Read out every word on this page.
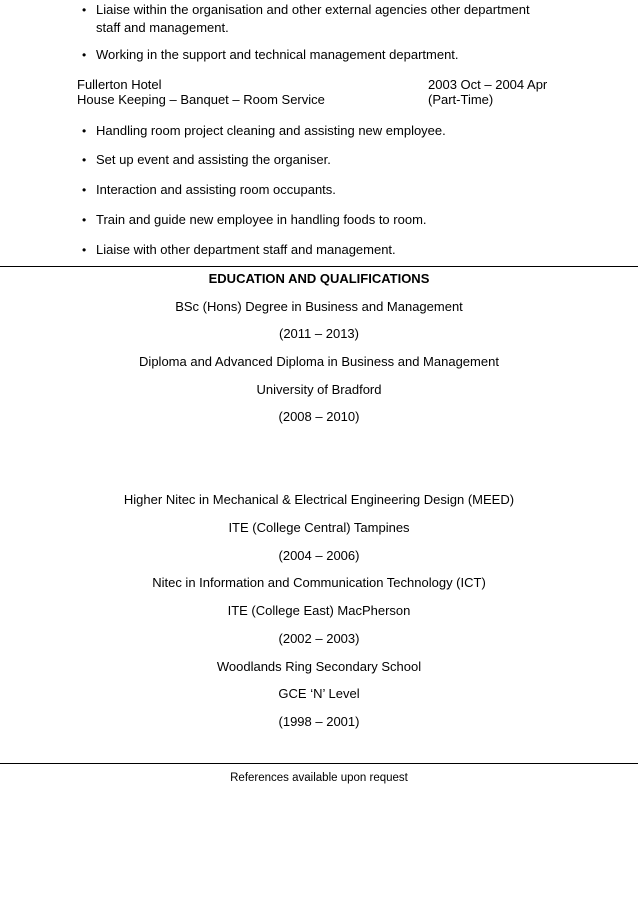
• Liaise within the organisation and other external agencies other department staff and management.
• Working in the support and technical management department.
Fullerton Hotel	2003 Oct – 2004 Apr
House Keeping – Banquet – Room Service	(Part-Time)
• Handling room project cleaning and assisting new employee.
• Set up event and assisting the organiser.
• Interaction and assisting room occupants.
• Train and guide new employee in handling foods to room.
• Liaise with other department staff and management.
EDUCATION AND QUALIFICATIONS
BSc (Hons) Degree in Business and Management
(2011 – 2013)
Diploma and Advanced Diploma in Business and Management
University of Bradford
(2008 – 2010)
Higher Nitec in Mechanical & Electrical Engineering Design (MEED)
ITE (College Central) Tampines
(2004 – 2006)
Nitec in Information and Communication Technology (ICT)
ITE (College East) MacPherson
(2002 – 2003)
Woodlands Ring Secondary School
GCE ‘N’ Level
(1998 – 2001)
References available upon request
